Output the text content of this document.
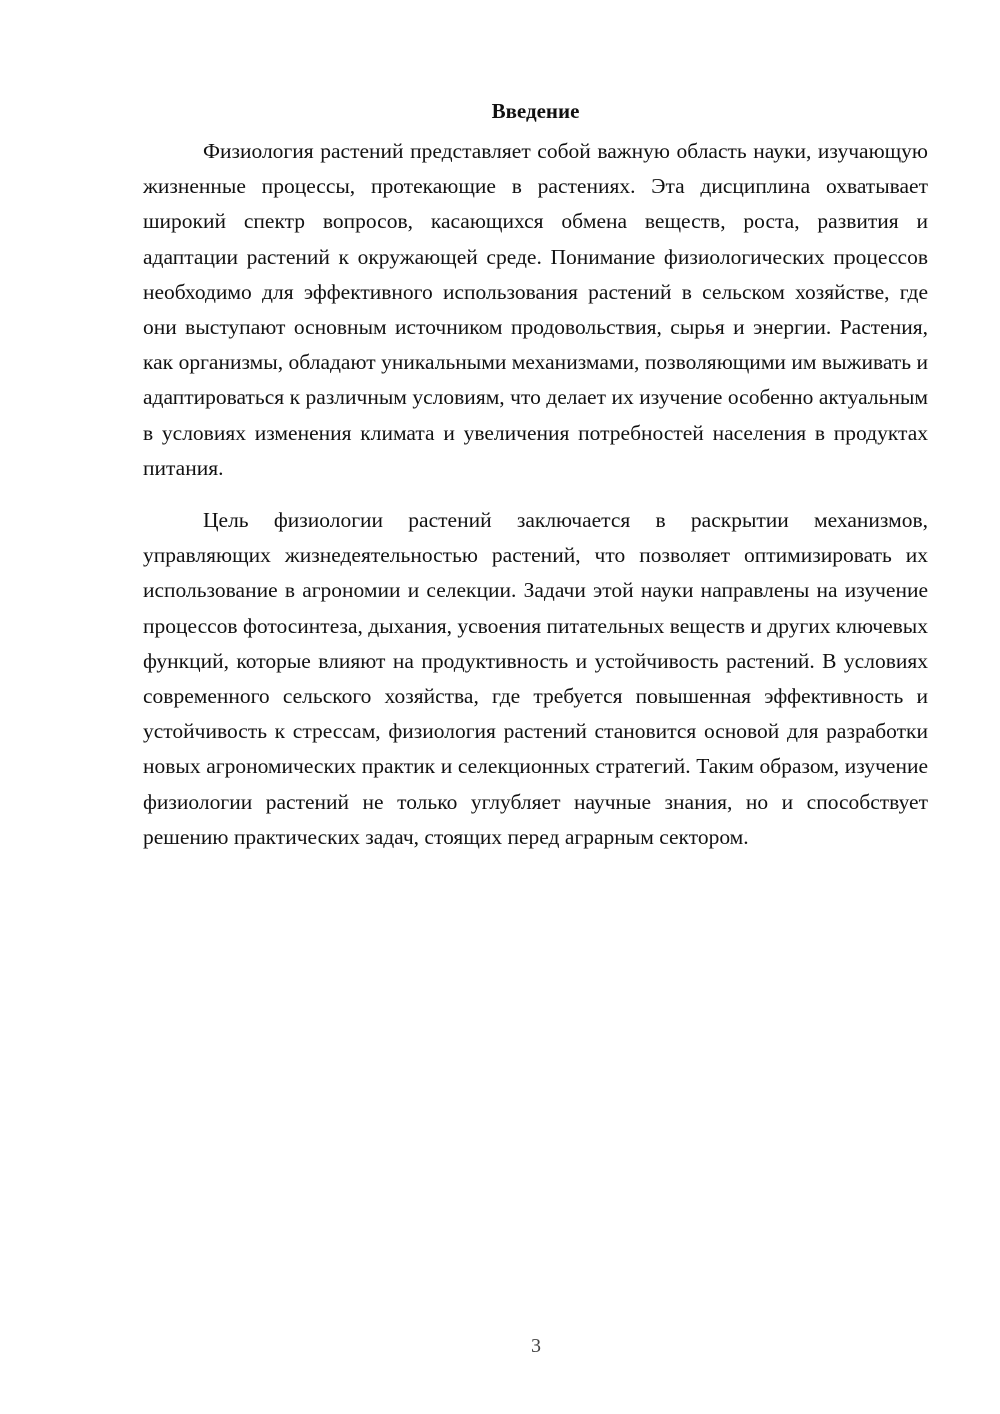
Введение

Физиология растений представляет собой важную область науки, изучающую жизненные процессы, протекающие в растениях. Эта дисциплина охватывает широкий спектр вопросов, касающихся обмена веществ, роста, развития и адаптации растений к окружающей среде. Понимание физиологических процессов необходимо для эффективного использования растений в сельском хозяйстве, где они выступают основным источником продовольствия, сырья и энергии. Растения, как организмы, обладают уникальными механизмами, позволяющими им выживать и адаптироваться к различным условиям, что делает их изучение особенно актуальным в условиях изменения климата и увеличения потребностей населения в продуктах питания.

Цель физиологии растений заключается в раскрытии механизмов, управляющих жизнедеятельностью растений, что позволяет оптимизировать их использование в агрономии и селекции. Задачи этой науки направлены на изучение процессов фотосинтеза, дыхания, усвоения питательных веществ и других ключевых функций, которые влияют на продуктивность и устойчивость растений. В условиях современного сельского хозяйства, где требуется повышенная эффективность и устойчивость к стрессам, физиология растений становится основой для разработки новых агрономических практик и селекционных стратегий. Таким образом, изучение физиологии растений не только углубляет научные знания, но и способствует решению практических задач, стоящих перед аграрным сектором.

3
